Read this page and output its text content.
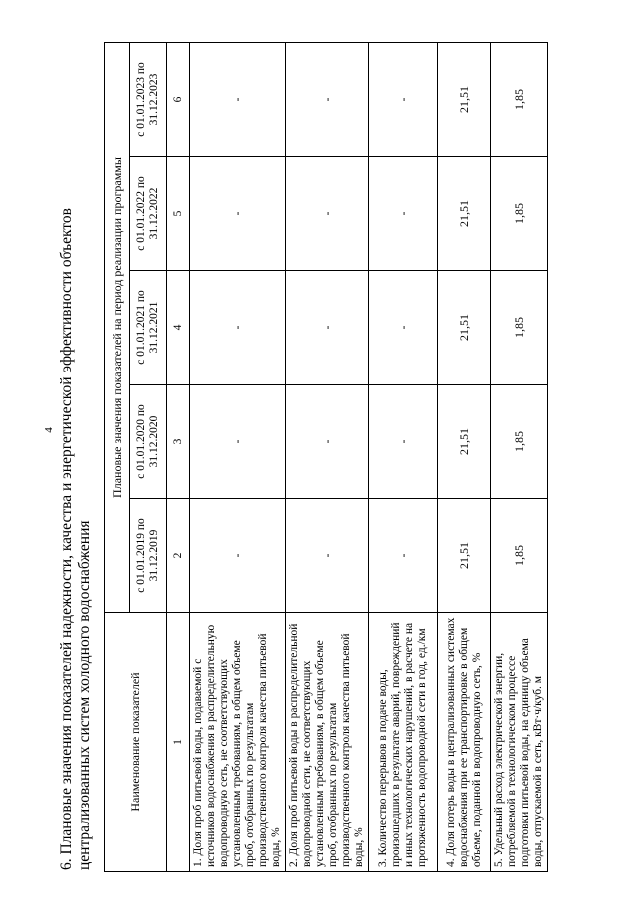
4 6. Плановые значения показателей надежности, качества и энергетической эффективности объектов централизованных систем холодного водоснабжения	Наименование показателей	Плановые значения показателей на период реализации программы				
	с 01.01.2019 по 31.12.2019	с 01.01.2020 по 31.12.2020	с 01.01.2021 по 31.12.2021	с 01.01.2022 по 31.12.2022	с 01.01.2023 по 31.12.2023
1	2	3	4	5	6
1. Доля проб питьевой воды, подаваемой с источников водоснабжения в распределительную водопроводную сеть, не соответствующих установленным требованиям, в общем объеме проб, отобранных по результатам производственного контроля качества питьевой воды, %	-	-	-	-	-
2. Доля проб питьевой воды в распределительной водопроводной сети, не соответствующих установленным требованиям, в общем объеме проб, отобранных по результатам производственного контроля качества питьевой воды, %	-	-	-	-	-
3. Количество перерывов в подаче воды, произошедших в результате аварий, повреждений и иных технологических нарушений, в расчете на протяженность водопроводной сети в год, ед./км	-	-	-	-	-
4. Доля потерь воды в централизованных системах водоснабжения при ее транспортировке в общем объеме, поданной в водопроводную сеть, %	21,51	21,51	21,51	21,51	21,51
5. Удельный расход электрической энергии, потребляемой в технологическом процессе подготовки питьевой воды, на единицу объема воды, отпускаемой в сеть, кВт·ч/куб. м	1,85	1,85	1,85	1,85	1,85
